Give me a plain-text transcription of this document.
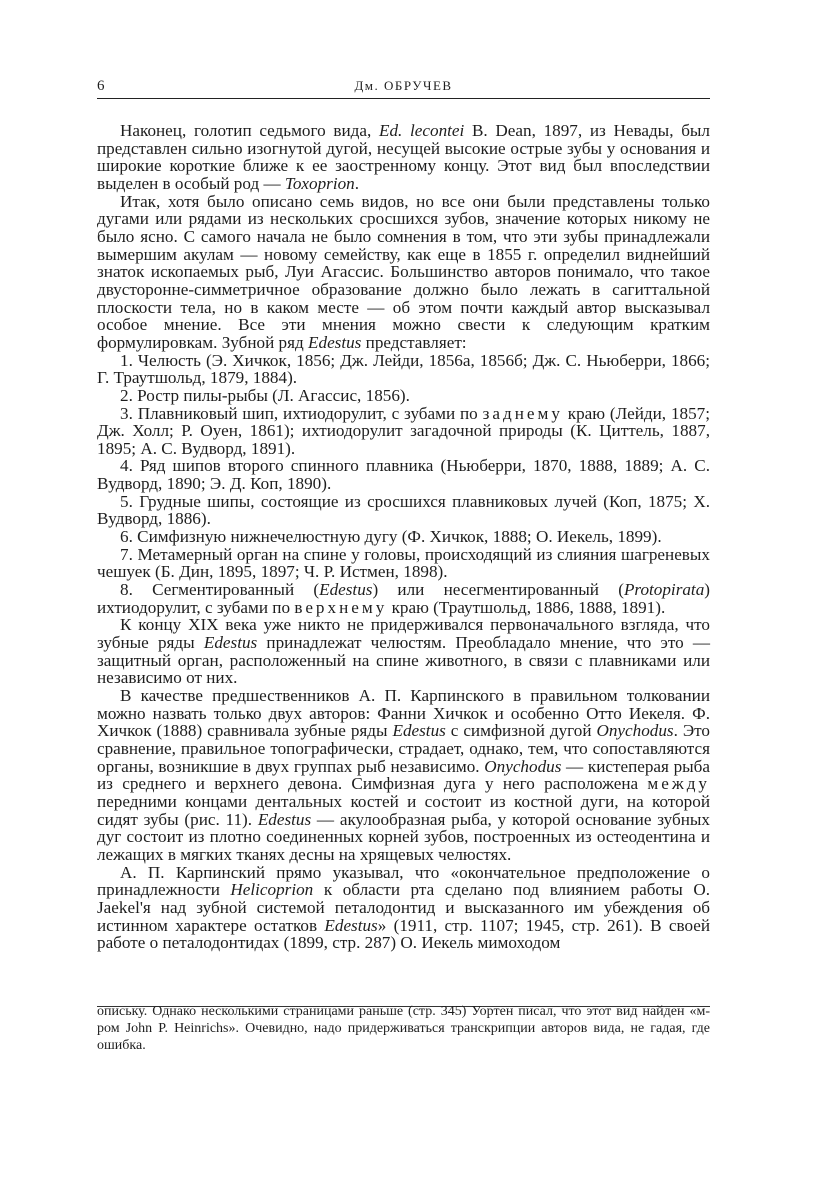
6	Дм. ОБРУЧЕВ

Наконец, голотип седьмого вида, Ed. lecontei B. Dean, 1897, из Невады, был представлен сильно изогнутой дугой, несущей высокие острые зубы у основания и широкие короткие ближе к ее заостренному концу. Этот вид был впоследствии выделен в особый род — Toxoprion.

Итак, хотя было описано семь видов, но все они были представлены только дугами или рядами из нескольких сросшихся зубов, значение которых никому не было ясно. С самого начала не было сомнения в том, что эти зубы принадлежали вымершим акулам — новому семейству, как еще в 1855 г. определил виднейший знаток ископаемых рыб, Луи Агассис. Большинство авторов понимало, что такое двусторонне-симметричное образование должно было лежать в сагиттальной плоскости тела, но в каком месте — об этом почти каждый автор высказывал особое мнение. Все эти мнения можно свести к следующим кратким формулировкам. Зубной ряд Edestus представляет:

1. Челюсть (Э. Хичкок, 1856; Дж. Лейди, 1856а, 1856б; Дж. С. Ньюберри, 1866; Г. Траутшольд, 1879, 1884).

2. Ростр пилы-рыбы (Л. Агассис, 1856).

3. Плавниковый шип, ихтиодорулит, с зубами по заднему краю (Лейди, 1857; Дж. Холл; Р. Оуен, 1861); ихтиодорулит загадочной природы (К. Циттель, 1887, 1895; А. С. Вудворд, 1891).

4. Ряд шипов второго спинного плавника (Ньюберри, 1870, 1888, 1889; А. С. Вудворд, 1890; Э. Д. Коп, 1890).

5. Грудные шипы, состоящие из сросшихся плавниковых лучей (Коп, 1875; Х. Вудворд, 1886).

6. Симфизную нижнечелюстную дугу (Ф. Хичкок, 1888; О. Иекель, 1899).

7. Метамерный орган на спине у головы, происходящий из слияния шагреневых чешуек (Б. Дин, 1895, 1897; Ч. Р. Истмен, 1898).

8. Сегментированный (Edestus) или несегментированный (Protopirata) ихтиодорулит, с зубами по верхнему краю (Траутшольд, 1886, 1888, 1891).

К концу XIX века уже никто не придерживался первоначального взгляда, что зубные ряды Edestus принадлежат челюстям. Преобладало мнение, что это — защитный орган, расположенный на спине животного, в связи с плавниками или независимо от них.

В качестве предшественников А. П. Карпинского в правильном толковании можно назвать только двух авторов: Фанни Хичкок и особенно Отто Иекеля. Ф. Хичкок (1888) сравнивала зубные ряды Edestus с симфизной дугой Onychodus. Это сравнение, правильное топографически, страдает, однако, тем, что сопоставляются органы, возникшие в двух группах рыб независимо. Onychodus — кистеперая рыба из среднего и верхнего девона. Симфизная дуга у него расположена между передними концами дентальных костей и состоит из костной дуги, на которой сидят зубы (рис. 11). Edestus — акулообразная рыба, у которой основание зубных дуг состоит из плотно соединенных корней зубов, построенных из остеодентина и лежащих в мягких тканях десны на хрящевых челюстях.

А. П. Карпинский прямо указывал, что «окончательное предположение о принадлежности Helicoprion к области рта сделано под влиянием работы O. Jaekel'я над зубной системой петалодонтид и высказанного им убеждения об истинном характере остатков Edestus» (1911, стр. 1107; 1945, стр. 261). В своей работе о петалодонтидах (1899, стр. 287) О. Иекель мимоходом

опиську. Однако несколькими страницами раньше (стр. 345) Уортен писал, что этот вид найден «м-ром John P. Heinrichs». Очевидно, надо придерживаться транскрипции авторов вида, не гадая, где ошибка.
